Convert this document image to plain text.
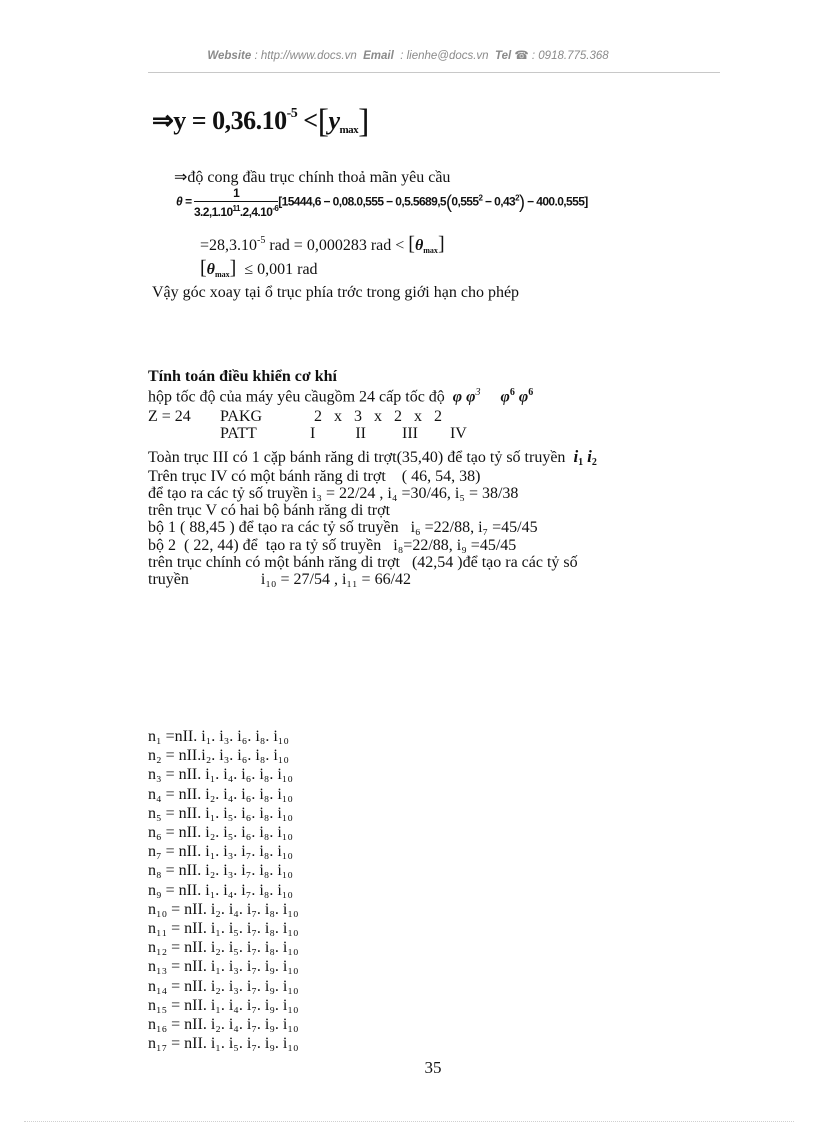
Website : http://www.docs.vn Email : lienhe@docs.vn Tel ☎ : 0918.775.368
⇒y = $0,36.10^{-5} <[y_{max}]$
⇒độ cong đầu trục chính thoả mãn yêu cầu
$\theta = \frac{1}{3.2,1.10^{11}.2,4.10^{-6}} [15444,6 - 0,08.0,555 - 0,5.5689,5(0,555^2 - 0,43^2) - 400.0,555]$
$=28,3.10^{-5}$ rad = 0,000283 rad < [θmax]
[θmax] ≤ 0,001 rad
Vậy góc xoay tại ổ trục phía trớc trong giới hạn cho phép
Tính toán điều khiển cơ khí
hộp tốc độ của máy yêu cầugồm 24 cấp tốc độ φ $\varphi^3$ $\varphi^6$ $\varphi^6$
Z = 24 PAKG	2   x   3   x   2   x   2
PATT	I          II         III        IV
Toàn trục III có 1 cặp bánh răng di trợt(35,40) để tạo tỷ số truyền i1 i2
Trên trục IV có một bánh răng di trợt    ( 46, 54, 38)
để tạo ra các tỷ số truyền i₃ = 22/24 , i₄ =30/46, i₅ = 38/38
trên trục V có hai bộ bánh răng di trợt
bộ 1 ( 88,45 ) để tạo ra các tỷ số truyền   i₆ =22/88, i₇ =45/45
bộ 2  ( 22, 44) để  tạo ra tỷ số truyền   i₈=22/88, i₉ =45/45
trên trục chính có một bánh răng di trợt   (42,54 )để tạo ra các tỷ số
truyền                  i₁₀ = 27/54 , i₁₁ = 66/42
n₁ =nII. i₁. i₃. i₆. i₈. i₁₀
n₂ = nII.i₂. i₃. i₆. i₈. i₁₀
n₃ = nII. i₁. i₄. i₆. i₈. i₁₀
n₄ = nII. i₂. i₄. i₆. i₈. i₁₀
n₅ = nII. i₁. i₅. i₆. i₈. i₁₀
n₆ = nII. i₂. i₅. i₆. i₈. i₁₀
n₇ = nII. i₁. i₃. i₇. i₈. i₁₀
n₈ = nII. i₂. i₃. i₇. i₈. i₁₀
n₉ = nII. i₁. i₄. i₇. i₈. i₁₀
n₁₀ = nII. i₂. i₄. i₇. i₈. i₁₀
n₁₁ = nII. i₁. i₅. i₇. i₈. i₁₀
n₁₂ = nII. i₂. i₅. i₇. i₈. i₁₀
n₁₃ = nII. i₁. i₃. i₇. i₉. i₁₀
n₁₄ = nII. i₂. i₃. i₇. i₉. i₁₀
n₁₅ = nII. i₁. i₄. i₇. i₉. i₁₀
n₁₆ = nII. i₂. i₄. i₇. i₉. i₁₀
n₁₇ = nII. i₁. i₅. i₇. i₉. i₁₀
35
